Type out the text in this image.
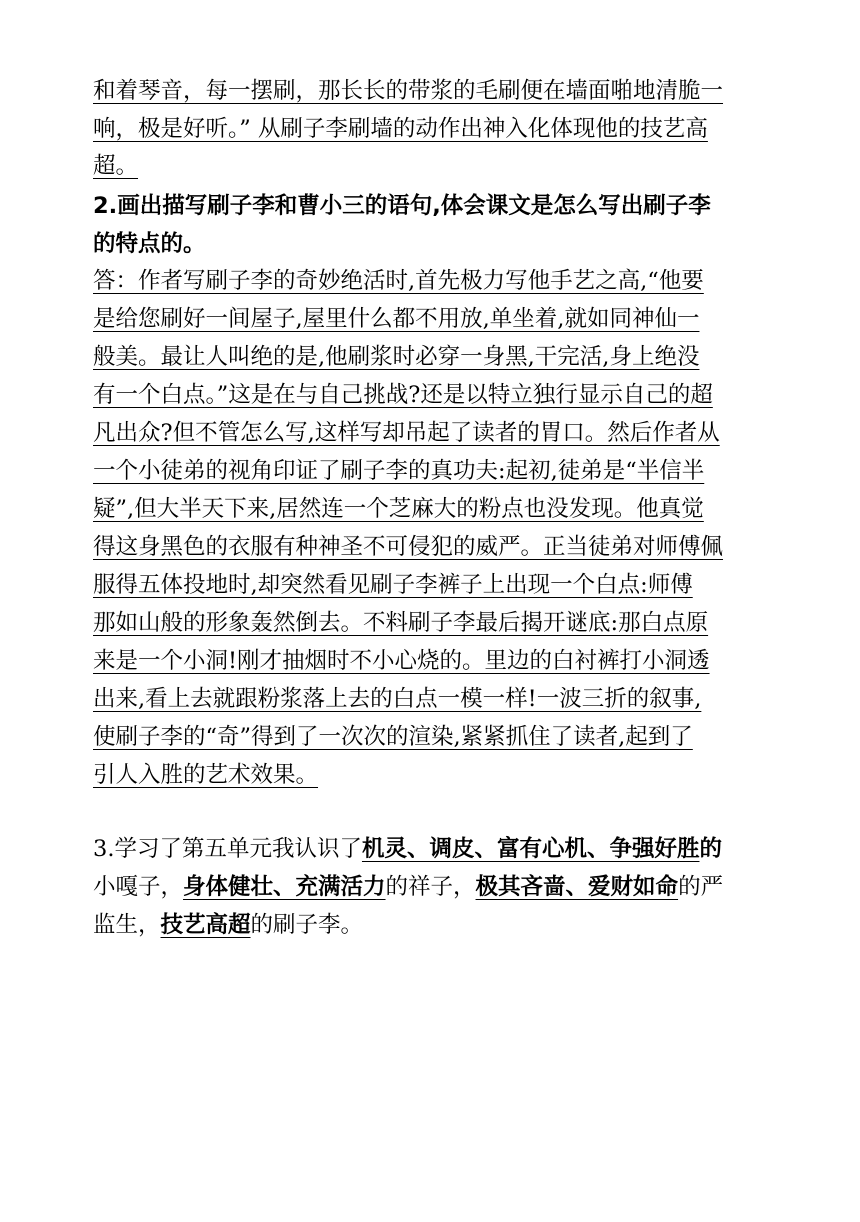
和着琴音，每一摆刷，那长长的带浆的毛刷便在墙面啪地清脆一
响，极是好听。” 从刷子李刷墙的动作出神入化体现他的技艺高
超。
2.画出描写刷子李和曹小三的语句,体会课文是怎么写出刷子李
的特点的。
答：作者写刷子李的奇妙绝活时,首先极力写他手艺之高,“他要
是给您刷好一间屋子,屋里什么都不用放,单坐着,就如同神仙一
般美。最让人叫绝的是,他刷浆时必穿一身黑,干完活,身上绝没
有一个白点。”这是在与自己挑战?还是以特立独行显示自己的超
凡出众?但不管怎么写,这样写却吊起了读者的胃口。然后作者从
一个小徒弟的视角印证了刷子李的真功夫:起初,徒弟是“半信半
疑”,但大半天下来,居然连一个芝麻大的粉点也没发现。他真觉
得这身黑色的衣服有种神圣不可侵犯的威严。正当徒弟对师傅佩
服得五体投地时,却突然看见刷子李裤子上出现一个白点:师傅
那如山般的形象轰然倒去。不料刷子李最后揭开谜底:那白点原
来是一个小洞!刚才抽烟时不小心烧的。里边的白衬裤打小洞透
出来,看上去就跟粉浆落上去的白点一模一样!一波三折的叙事,
使刷子李的“奇”得到了一次次的渲染,紧紧抓住了读者,起到了
引人入胜的艺术效果。
3.学习了第五单元我认识了机灵、调皮、富有心机、争强好胜的
小嘎子，身体健壮、充满活力的祥子，极其吝啬、爱财如命的严
监生，技艺高超的刷子李。
